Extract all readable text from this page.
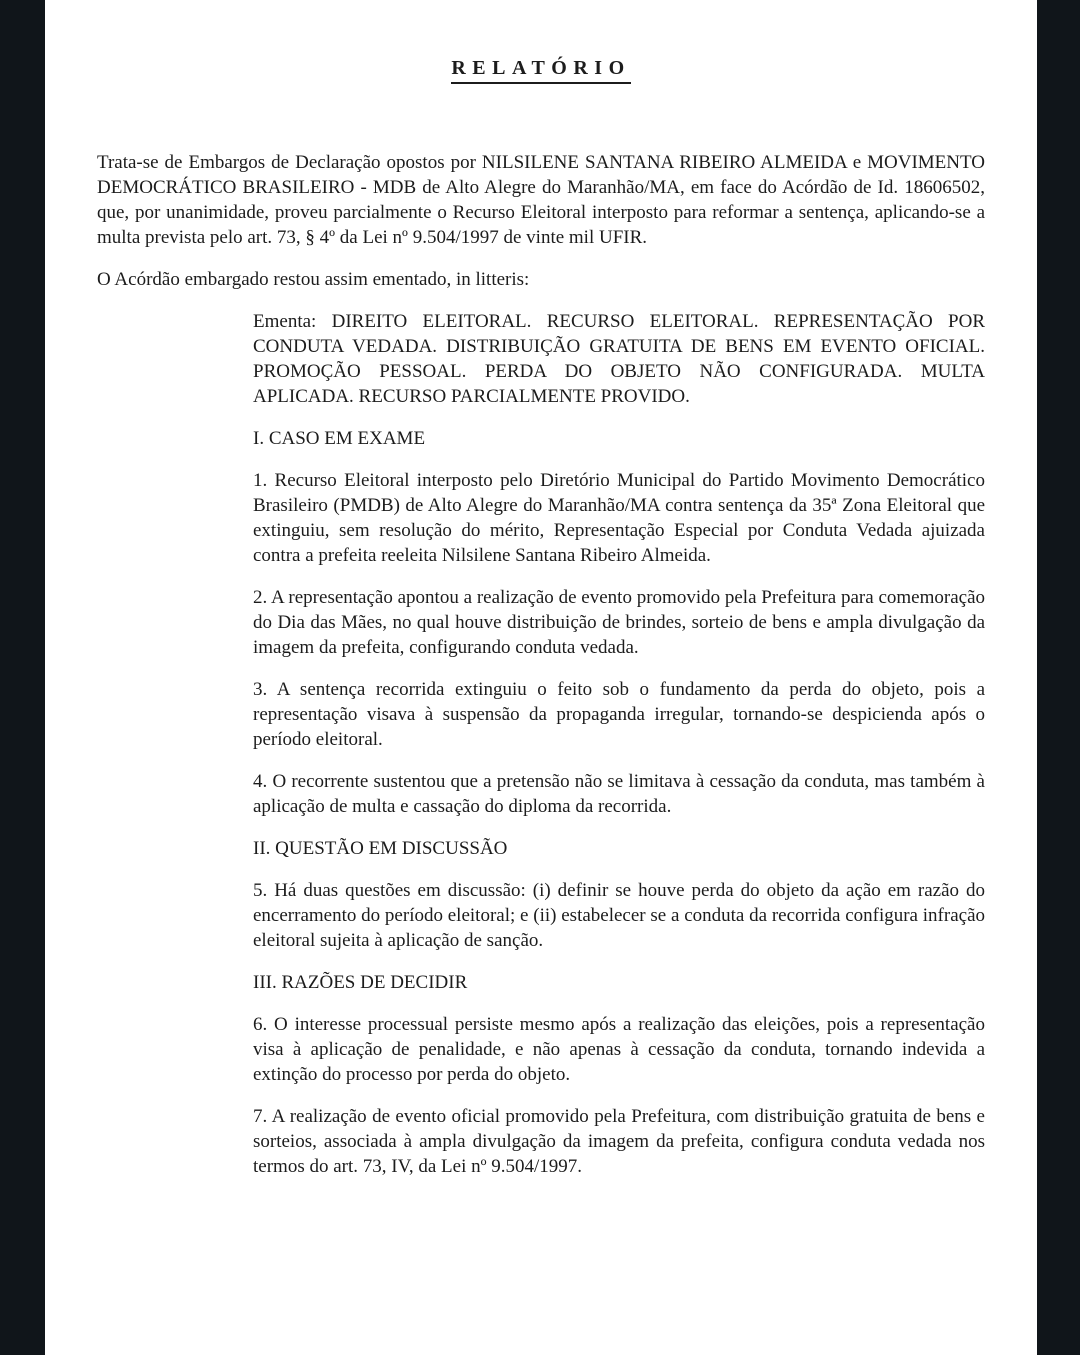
RELATÓRIO

Trata-se de Embargos de Declaração opostos por NILSILENE SANTANA RIBEIRO ALMEIDA e MOVIMENTO DEMOCRÁTICO BRASILEIRO - MDB de Alto Alegre do Maranhão/MA, em face do Acórdão de Id. 18606502, que, por unanimidade, proveu parcialmente o Recurso Eleitoral interposto para reformar a sentença, aplicando-se a multa prevista pelo art. 73, § 4º da Lei nº 9.504/1997 de vinte mil UFIR.

O Acórdão embargado restou assim ementado, in litteris:

Ementa: DIREITO ELEITORAL. RECURSO ELEITORAL. REPRESENTAÇÃO POR CONDUTA VEDADA. DISTRIBUIÇÃO GRATUITA DE BENS EM EVENTO OFICIAL. PROMOÇÃO PESSOAL. PERDA DO OBJETO NÃO CONFIGURADA. MULTA APLICADA. RECURSO PARCIALMENTE PROVIDO.

I. CASO EM EXAME

1. Recurso Eleitoral interposto pelo Diretório Municipal do Partido Movimento Democrático Brasileiro (PMDB) de Alto Alegre do Maranhão/MA contra sentença da 35ª Zona Eleitoral que extinguiu, sem resolução do mérito, Representação Especial por Conduta Vedada ajuizada contra a prefeita reeleita Nilsilene Santana Ribeiro Almeida.

2. A representação apontou a realização de evento promovido pela Prefeitura para comemoração do Dia das Mães, no qual houve distribuição de brindes, sorteio de bens e ampla divulgação da imagem da prefeita, configurando conduta vedada.

3. A sentença recorrida extinguiu o feito sob o fundamento da perda do objeto, pois a representação visava à suspensão da propaganda irregular, tornando-se despicienda após o período eleitoral.

4. O recorrente sustentou que a pretensão não se limitava à cessação da conduta, mas também à aplicação de multa e cassação do diploma da recorrida.

II. QUESTÃO EM DISCUSSÃO

5. Há duas questões em discussão: (i) definir se houve perda do objeto da ação em razão do encerramento do período eleitoral; e (ii) estabelecer se a conduta da recorrida configura infração eleitoral sujeita à aplicação de sanção.

III. RAZÕES DE DECIDIR

6. O interesse processual persiste mesmo após a realização das eleições, pois a representação visa à aplicação de penalidade, e não apenas à cessação da conduta, tornando indevida a extinção do processo por perda do objeto.

7. A realização de evento oficial promovido pela Prefeitura, com distribuição gratuita de bens e sorteios, associada à ampla divulgação da imagem da prefeita, configura conduta vedada nos termos do art. 73, IV, da Lei nº 9.504/1997.
